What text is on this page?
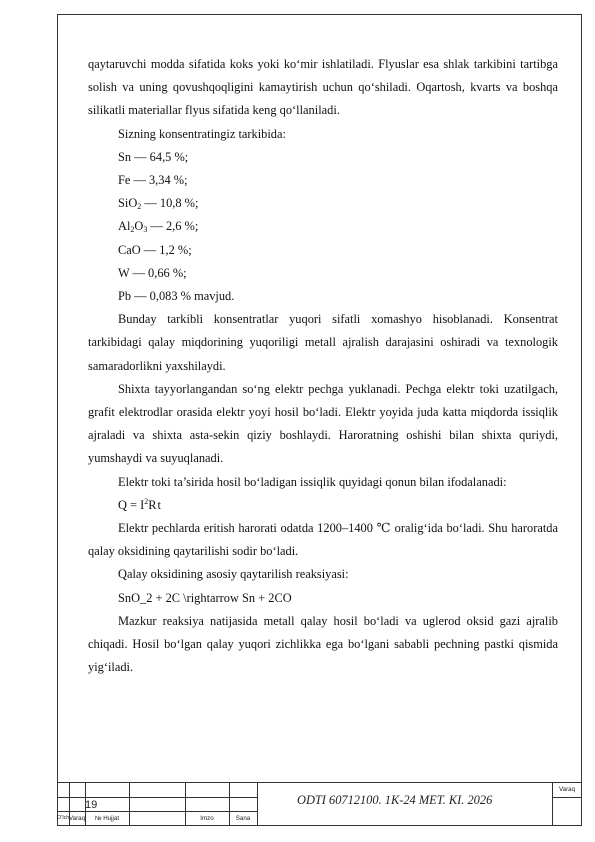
qaytaruvchi modda sifatida koks yoki ko‘mir ishlatiladi. Flyuslar esa shlak tarkibini tartibga solish va uning qovushqoqligini kamaytirish uchun qo‘shiladi. Oqartosh, kvarts va boshqa silikatli materiallar flyus sifatida keng qo‘llaniladi.

Sizning konsentratingiz tarkibida:

Sn — 64,5 %;

Fe — 3,34 %;

SiO$_2$ — 10,8 %;

$Al_2O_3$ — 2,6 %;

CaO — 1,2 %;

W — 0,66 %;

Pb — 0,083 % mavjud.

Bunday tarkibli konsentratlar yuqori sifatli xomashyo hisoblanadi. Konsentrat tarkibidagi qalay miqdorining yuqoriligi metall ajralish darajasini oshiradi va texnologik samaradorlikni yaxshilaydi.

Shixta tayyorlangandan so‘ng elektr pechga yuklanadi. Pechga elektr toki uzatilgach, grafit elektrodlar orasida elektr yoyi hosil bo‘ladi. Elektr yoyida juda katta miqdorda issiqlik ajraladi va shixta asta-sekin qiziy boshlaydi. Haroratning oshishi bilan shixta quriydi, yumshaydi va suyuqlanadi.

Elektr toki ta’sirida hosil bo‘ladigan issiqlik quyidagi qonun bilan ifodalanadi:

$Q = I^2Rt$

Elektr pechlarda eritish harorati odatda 1200–1400 ℃ oralig‘ida bo‘ladi. Shu haroratda qalay oksidining qaytarilishi sodir bo‘ladi.

Qalay oksidining asosiy qaytarilish reaksiyasi:

SnO_2 + 2C \rightarrow Sn + 2CO

Mazkur reaksiya natijasida metall qalay hosil bo‘ladi va uglerod oksid gazi ajralib chiqadi. Hosil bo‘lgan qalay yuqori zichlikka ega bo‘lgani sababli pechning pastki qismida yig‘iladi.

19	ODTI 60712100. 1K-24 MET. KI. 2026
Varaq
O‘lch Varaq	№ Hujjat	Imzo	Sana
